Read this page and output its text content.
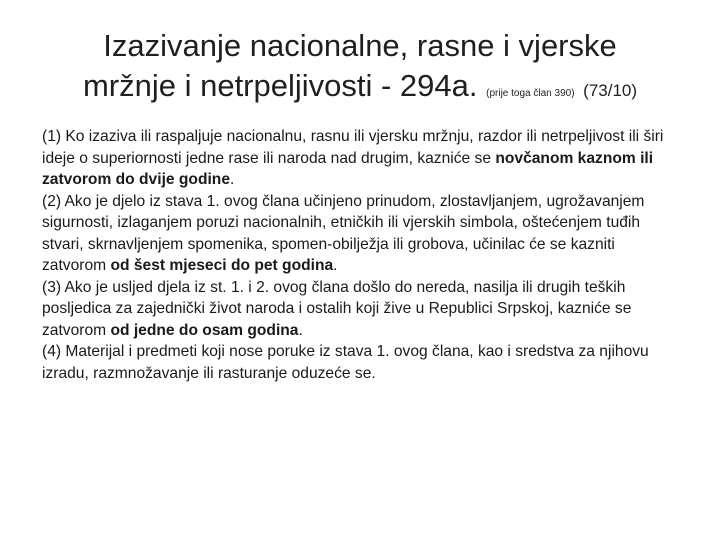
Izazivanje nacionalne, rasne i vjerske
mržnje i netrpeljivosti - 294a. (prije toga član 390) (73/10)

(1) Ko izaziva ili raspaljuje nacionalnu, rasnu ili vjersku mržnju, razdor ili netrpeljivost ili širi ideje o superiornosti jedne rase ili naroda nad drugim, kazniće se novčanom kaznom ili zatvorom do dvije godine.

(2) Ako je djelo iz stava 1. ovog člana učinjeno prinudom, zlostavljanjem, ugrožavanjem sigurnosti, izlaganjem poruzi nacionalnih, etničkih ili vjerskih simbola, oštećenjem tuđih stvari, skrnavljenjem spomenika, spomen-obilježja ili grobova, učinilac će se kazniti zatvorom od šest mjeseci do pet godina.

(3) Ako je usljed djela iz st. 1. i 2. ovog člana došlo do nereda, nasilja ili drugih teških posljedica za zajednički život naroda i ostalih koji žive u Republici Srpskoj, kazniće se zatvorom od jedne do osam godina.

(4) Materijal i predmeti koji nose poruke iz stava 1. ovog člana, kao i sredstva za njihovu izradu, razmnožavanje ili rasturanje oduzeće se.
